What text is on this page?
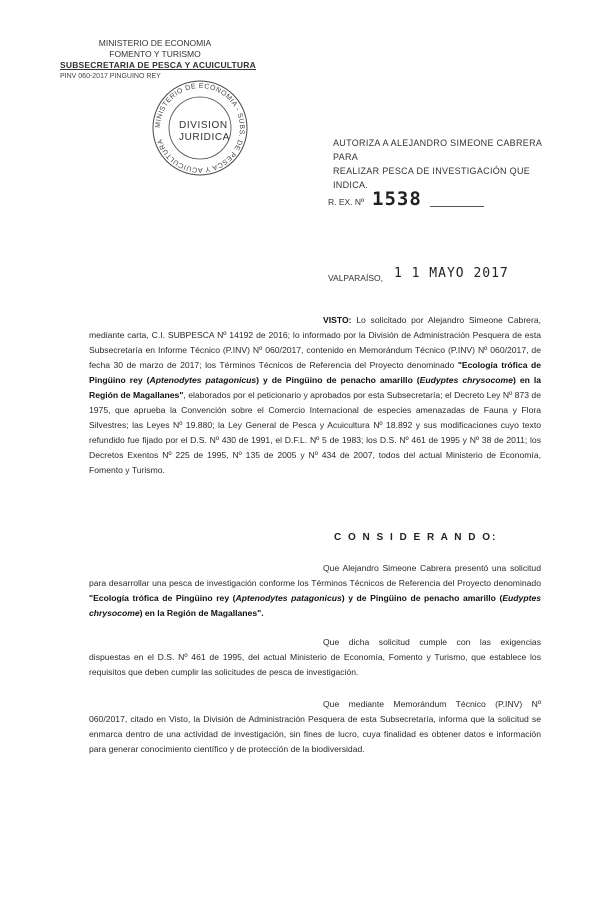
MINISTERIO DE ECONOMIA
FOMENTO Y TURISMO
SUBSECRETARIA DE PESCA Y ACUICULTURA
PINV 060-2017 PINGUINO REY
MINISTERIO DE ECONOMIA - SUBS. DE PESCA Y ACUICULTURA
DIVISION
JURIDICA	AUTORIZA A ALEJANDRO SIMEONE CABRERA PARA
REALIZAR PESCA DE INVESTIGACIÓN QUE INDICA.
R. EX. Nº 1538
VALPARAÍSO, 1 1 MAYO 2017
VISTO: Lo solicitado por Alejandro Simeone Cabrera, mediante carta, C.I. SUBPESCA Nº 14192 de 2016; lo informado por la División de Administración Pesquera de esta Subsecretaría en Informe Técnico (P.INV) Nº 060/2017, contenido en Memorándum Técnico (P.INV) Nº 060/2017, de fecha 30 de marzo de 2017; los Términos Técnicos de Referencia del Proyecto denominado "Ecología trófica de Pingüino rey (Aptenodytes patagonicus) y de Pingüino de penacho amarillo (Eudyptes chrysocome) en la Región de Magallanes", elaborados por el peticionario y aprobados por esta Subsecretaría; el Decreto Ley Nº 873 de 1975, que aprueba la Convención sobre el Comercio Internacional de especies amenazadas de Fauna y Flora Silvestres; las Leyes Nº 19.880; la Ley General de Pesca y Acuicultura Nº 18.892 y sus modificaciones cuyo texto refundido fue fijado por el D.S. Nº 430 de 1991, el D.F.L. Nº 5 de 1983; los D.S. Nº 461 de 1995 y Nº 38 de 2011; los Decretos Exentos Nº 225 de 1995, Nº 135 de 2005 y Nº 434 de 2007, todos del actual Ministerio de Economía, Fomento y Turismo.
C O N S I D E R A N D O:
Que Alejandro Simeone Cabrera presentó una solicitud para desarrollar una pesca de investigación conforme los Términos Técnicos de Referencia del Proyecto denominado "Ecología trófica de Pingüino rey (Aptenodytes patagonicus) y de Pingüino de penacho amarillo (Eudyptes chrysocome) en la Región de Magallanes".
Que dicha solicitud cumple con las exigencias dispuestas en el D.S. Nº 461 de 1995, del actual Ministerio de Economía, Fomento y Turismo, que establece los requisitos que deben cumplir las solicitudes de pesca de investigación.
Que mediante Memorándum Técnico (P.INV) Nº 060/2017, citado en Visto, la División de Administración Pesquera de esta Subsecretaría, informa que la solicitud se enmarca dentro de una actividad de investigación, sin fines de lucro, cuya finalidad es obtener datos e información para generar conocimiento científico y de protección de la biodiversidad.
